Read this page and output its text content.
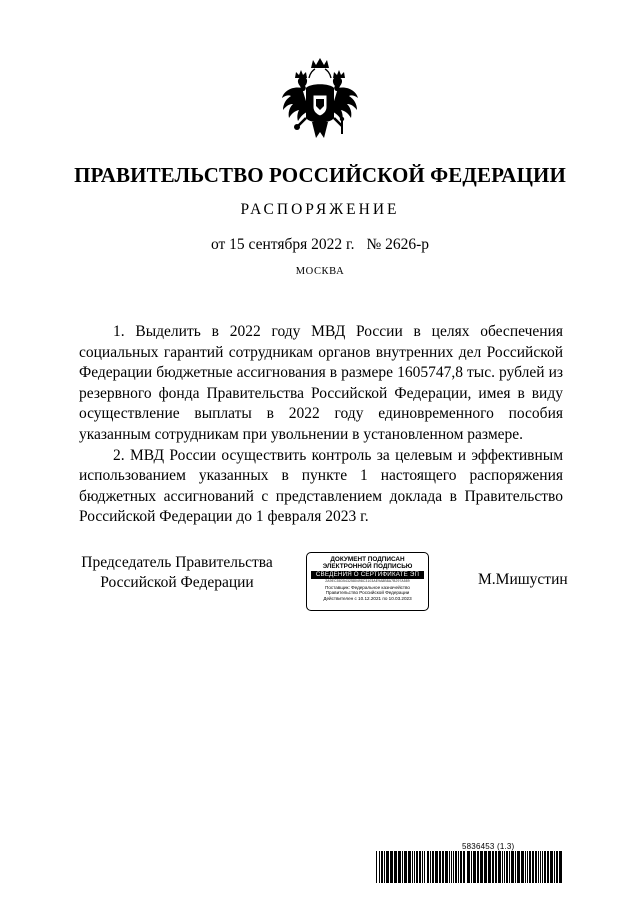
ПРАВИТЕЛЬСТВО РОССИЙСКОЙ ФЕДЕРАЦИИ
РАСПОРЯЖЕНИЕ
от 15 сентября 2022 г. № 2626-р
МОСКВА

1. Выделить в 2022 году МВД России в целях обеспечения социальных гарантий сотрудникам органов внутренних дел Российской Федерации бюджетные ассигнования в размере 1605747,8 тыс. рублей из резервного фонда Правительства Российской Федерации, имея в виду осуществление выплаты в 2022 году единовременного пособия указанным сотрудникам при увольнении в установленном размере.

2. МВД России осуществить контроль за целевым и эффективным использованием указанных в пункте 1 настоящего распоряжения бюджетных ассигнований с представлением доклада в Правительство Российской Федерации до 1 февраля 2023 г.

Председатель Правительства
Российской Федерации
ДОКУМЕНТ ПОДПИСАН
ЭЛЕКТРОННОЙ ПОДПИСЬЮ
СВЕДЕНИЯ О СЕРТИФИКАТЕ ЭП
2A9EC35D5432580498C3103AE9A8B8A7B297A589
Поставщик: Федеральное казначейство
Правительство Российской Федерации
Действителен с 10.12.2021 по 10.03.2023
М.Мишустин
5836453 (1.3)
